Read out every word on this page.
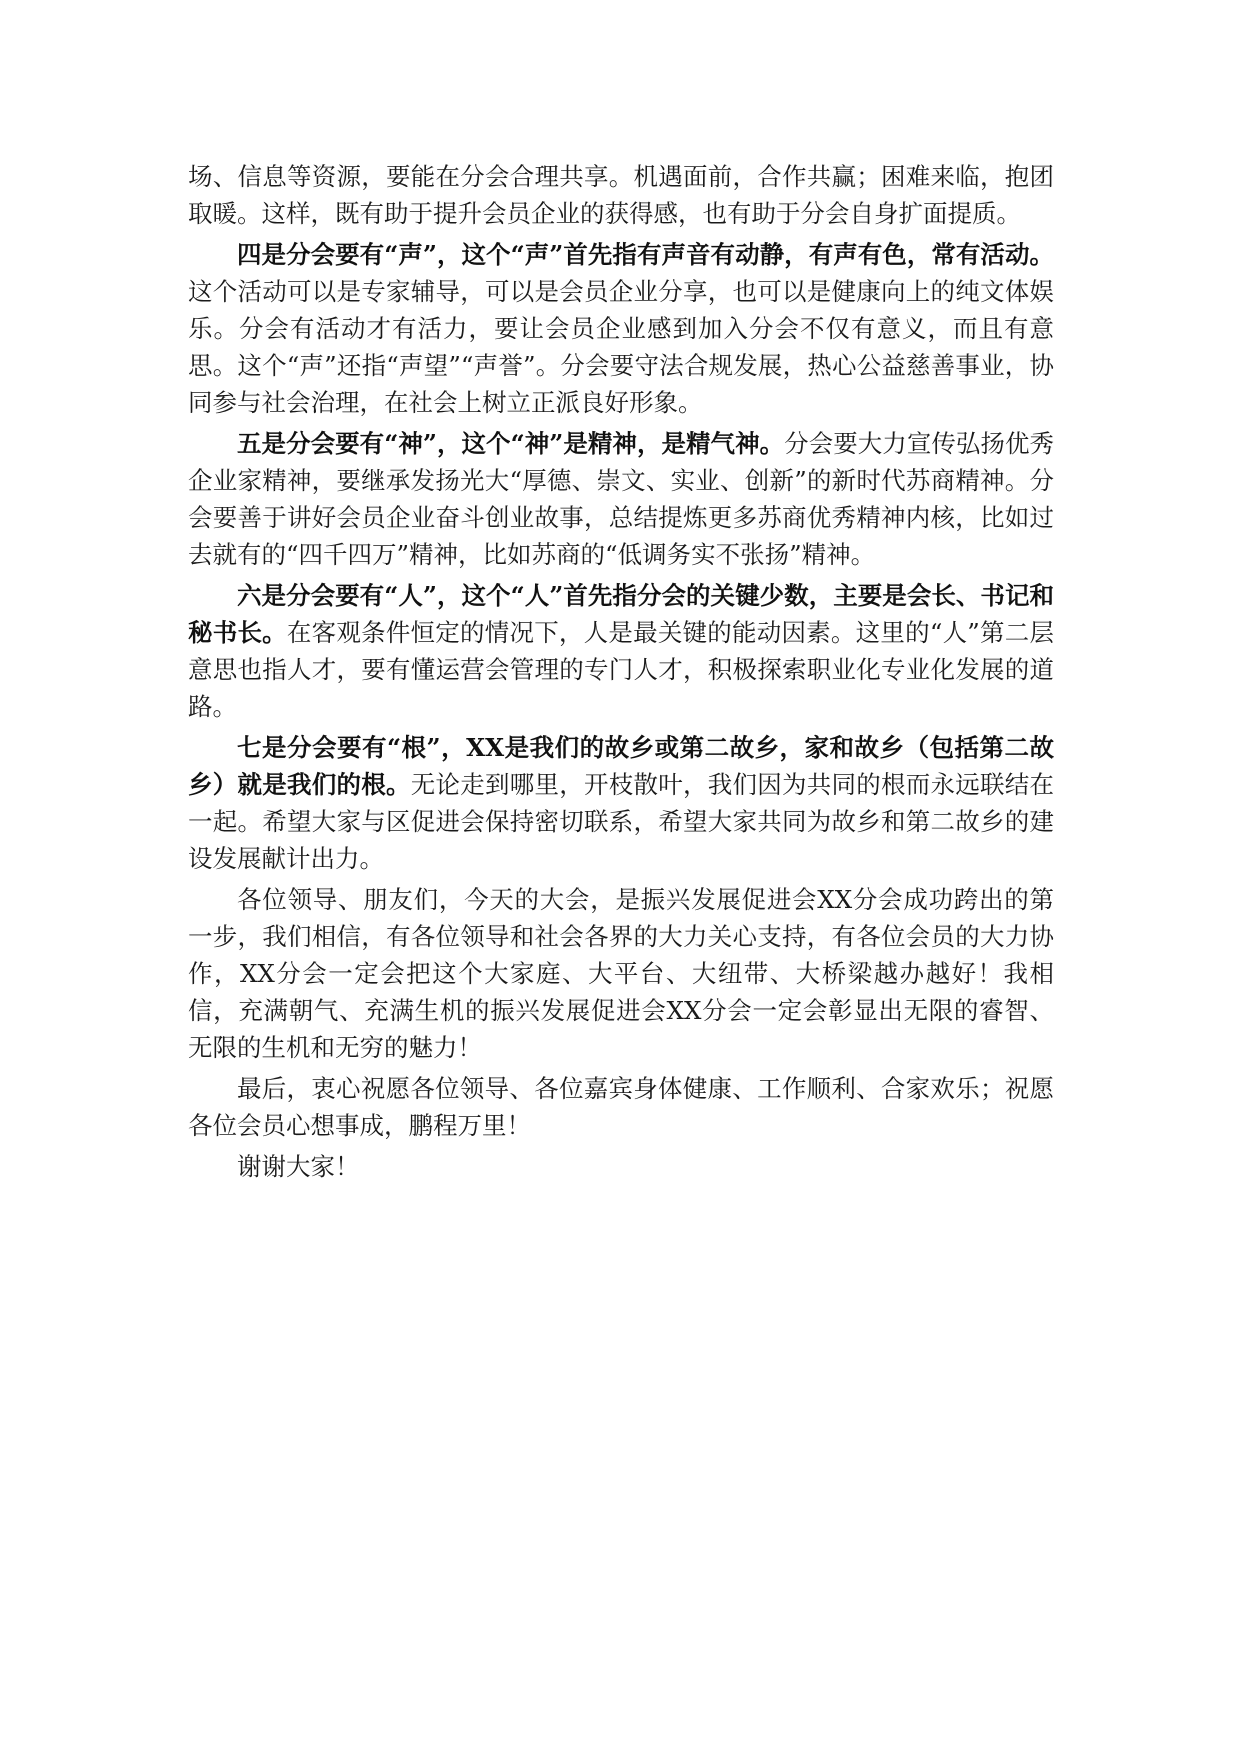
场、信息等资源，要能在分会合理共享。机遇面前，合作共赢；困难来临，抱团取暖。这样，既有助于提升会员企业的获得感，也有助于分会自身扩面提质。

四是分会要有“声”，这个“声”首先指有声音有动静，有声有色，常有活动。这个活动可以是专家辅导，可以是会员企业分享，也可以是健康向上的纯文体娱乐。分会有活动才有活力，要让会员企业感到加入分会不仅有意义，而且有意思。这个“声”还指“声望”“声誉”。分会要守法合规发展，热心公益慈善事业，协同参与社会治理，在社会上树立正派良好形象。

五是分会要有“神”，这个“神”是精神，是精气神。分会要大力宣传弘扬优秀企业家精神，要继承发扬光大“厚德、崇文、实业、创新”的新时代苏商精神。分会要善于讲好会员企业奋斗创业故事，总结提炼更多苏商优秀精神内核，比如过去就有的“四千四万”精神，比如苏商的“低调务实不张扬”精神。

六是分会要有“人”，这个“人”首先指分会的关键少数，主要是会长、书记和秘书长。在客观条件恒定的情况下，人是最关键的能动因素。这里的“人”第二层意思也指人才，要有懂运营会管理的专门人才，积极探索职业化专业化发展的道路。

七是分会要有“根”，XX是我们的故乡或第二故乡，家和故乡（包括第二故乡）就是我们的根。无论走到哪里，开枝散叶，我们因为共同的根而永远联结在一起。希望大家与区促进会保持密切联系，希望大家共同为故乡和第二故乡的建设发展献计出力。

各位领导、朋友们，今天的大会，是振兴发展促进会XX分会成功跨出的第一步，我们相信，有各位领导和社会各界的大力关心支持，有各位会员的大力协作，XX分会一定会把这个大家庭、大平台、大纽带、大桥梁越办越好！我相信，充满朝气、充满生机的振兴发展促进会XX分会一定会彰显出无限的睿智、无限的生机和无穷的魅力！

最后，衷心祝愿各位领导、各位嘉宾身体健康、工作顺利、合家欢乐；祝愿各位会员心想事成，鹏程万里！

谢谢大家！
